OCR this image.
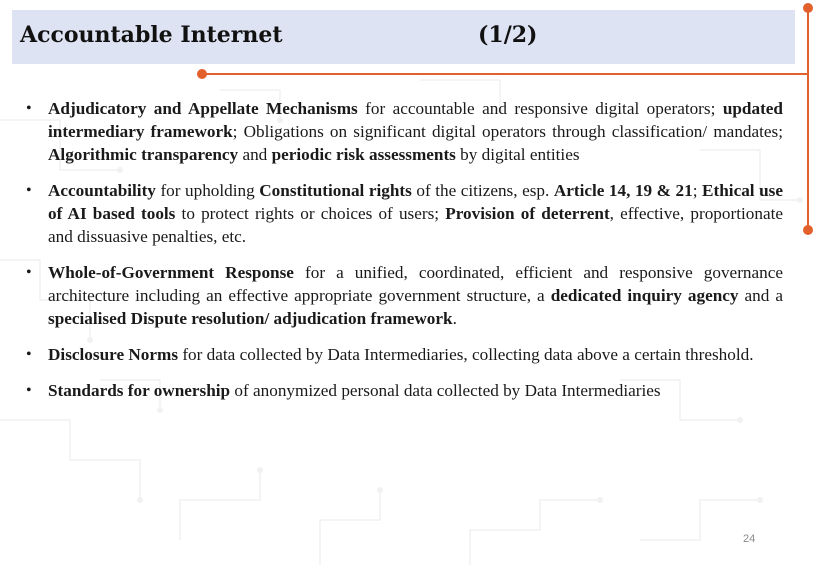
Accountable Internet	(1/2)
• Adjudicatory and Appellate Mechanisms for accountable and responsive digital operators; updated intermediary framework; Obligations on significant digital operators through classification/ mandates; Algorithmic transparency and periodic risk assessments by digital entities
• Accountability for upholding Constitutional rights of the citizens, esp. Article 14, 19 & 21; Ethical use of AI based tools to protect rights or choices of users; Provision of deterrent, effective, proportionate and dissuasive penalties, etc.
• Whole-of-Government Response for a unified, coordinated, efficient and responsive governance architecture including an effective appropriate government structure, a dedicated inquiry agency and a specialised Dispute resolution/ adjudication framework.
• Disclosure Norms for data collected by Data Intermediaries, collecting data above a certain threshold.
• Standards for ownership of anonymized personal data collected by Data Intermediaries
24
